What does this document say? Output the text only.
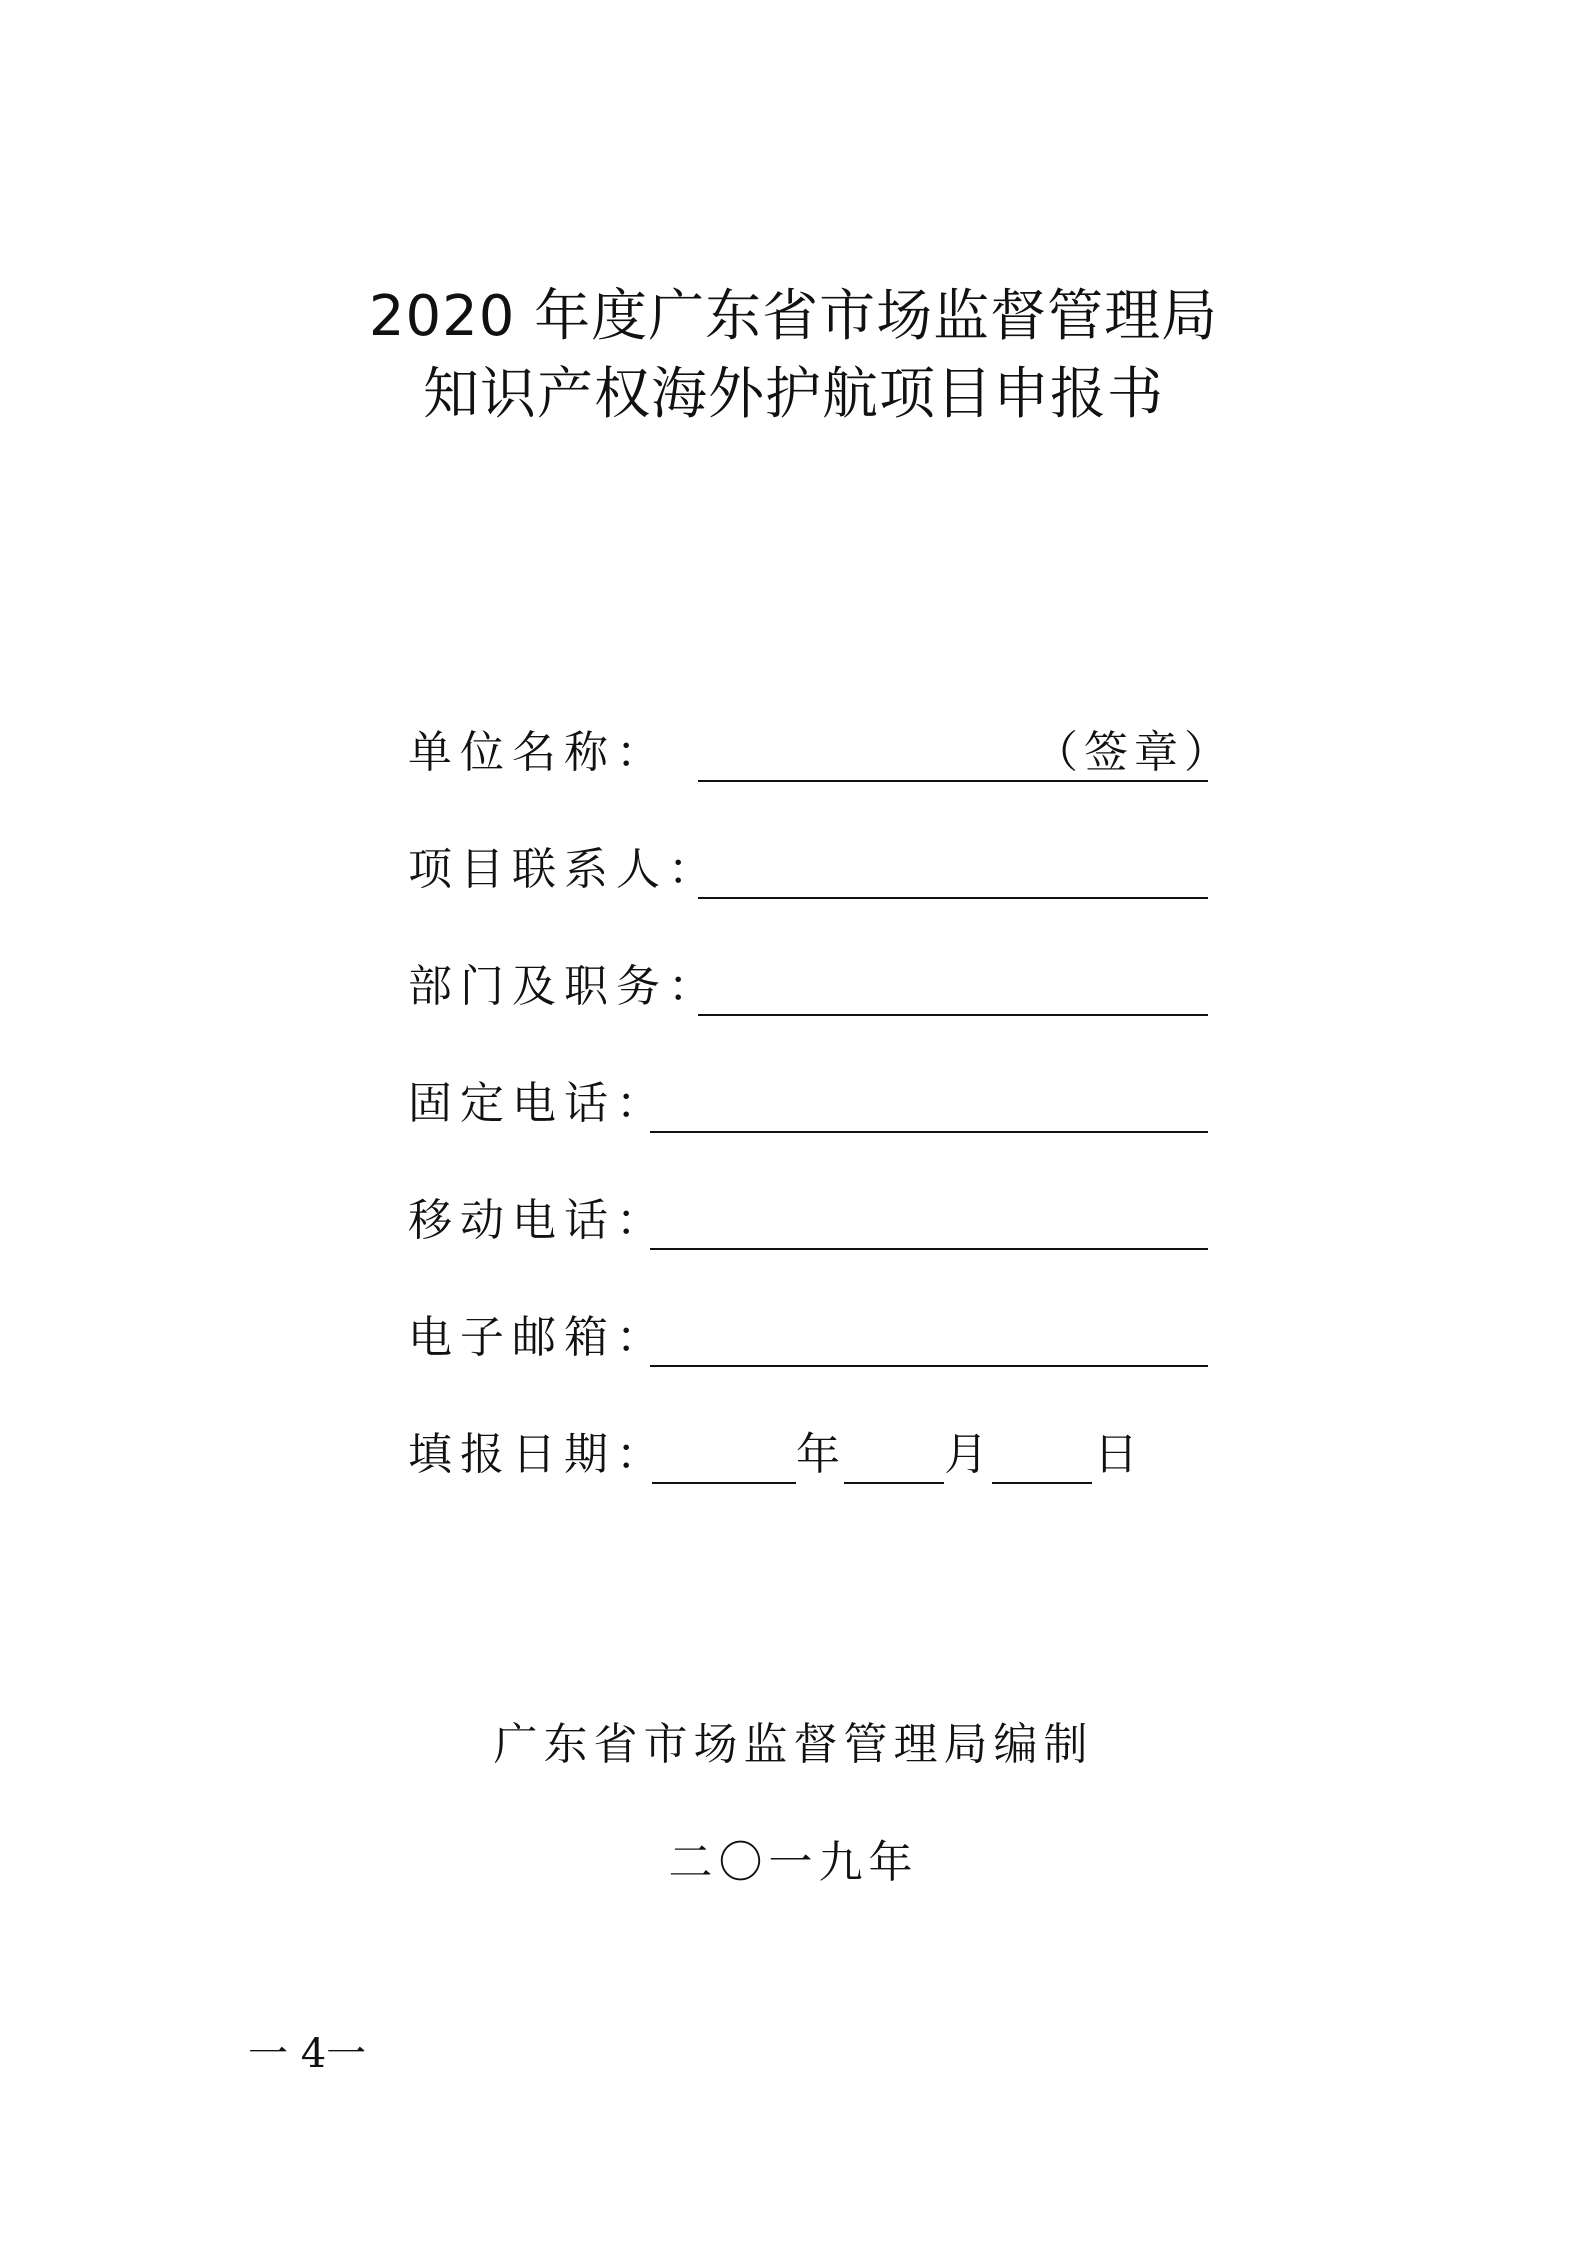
2020 年度广东省市场监督管理局
知识产权海外护航项目申报书
单位名称：	（签章）
项目联系人：
部门及职务：
固定电话：
移动电话：
电子邮箱：
填报日期：	年 月 日
广东省市场监督管理局编制
二〇一九年
一 4一
